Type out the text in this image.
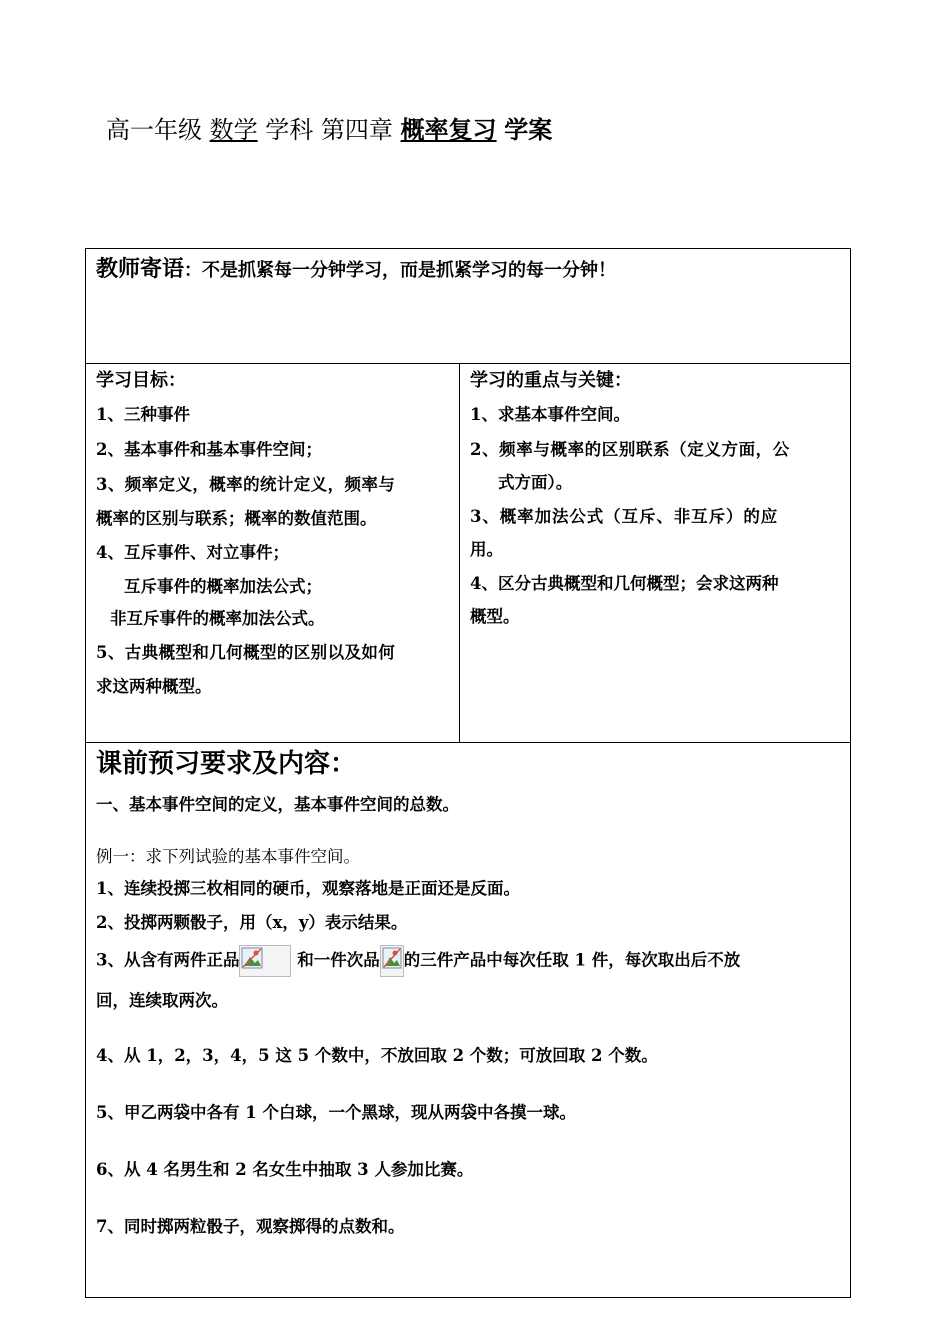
高一年级 数学 学科 第四章 概率复习 学案
教师寄语：不是抓紧每一分钟学习，而是抓紧学习的每一分钟！
学习目标：
1、三种事件
2、基本事件和基本事件空间；
3、频率定义，概率的统计定义，频率与
概率的区别与联系；概率的数值范围。
4、互斥事件、对立事件；
互斥事件的概率加法公式；
非互斥事件的概率加法公式。
5、古典概型和几何概型的区别以及如何
求这两种概型。
学习的重点与关键：
1、求基本事件空间。
2、频率与概率的区别联系（定义方面，公
式方面）。
3、概率加法公式（互斥、非互斥）的应
用。
4、区分古典概型和几何概型；会求这两种
概型。
课前预习要求及内容：
一、基本事件空间的定义，基本事件空间的总数。
例一：求下列试验的基本事件空间。
1、连续投掷三枚相同的硬币，观察落地是正面还是反面。
2、投掷两颗骰子，用（x，y）表示结果。
3、从含有两件正品	和一件次品 的三件产品中每次任取 1 件，每次取出后不放
回，连续取两次。
4、从 1，2，3，4，5 这 5 个数中，不放回取 2 个数；可放回取 2 个数。
5、甲乙两袋中各有 1 个白球，一个黑球，现从两袋中各摸一球。
6、从 4 名男生和 2 名女生中抽取 3 人参加比赛。
7、同时掷两粒骰子，观察掷得的点数和。
